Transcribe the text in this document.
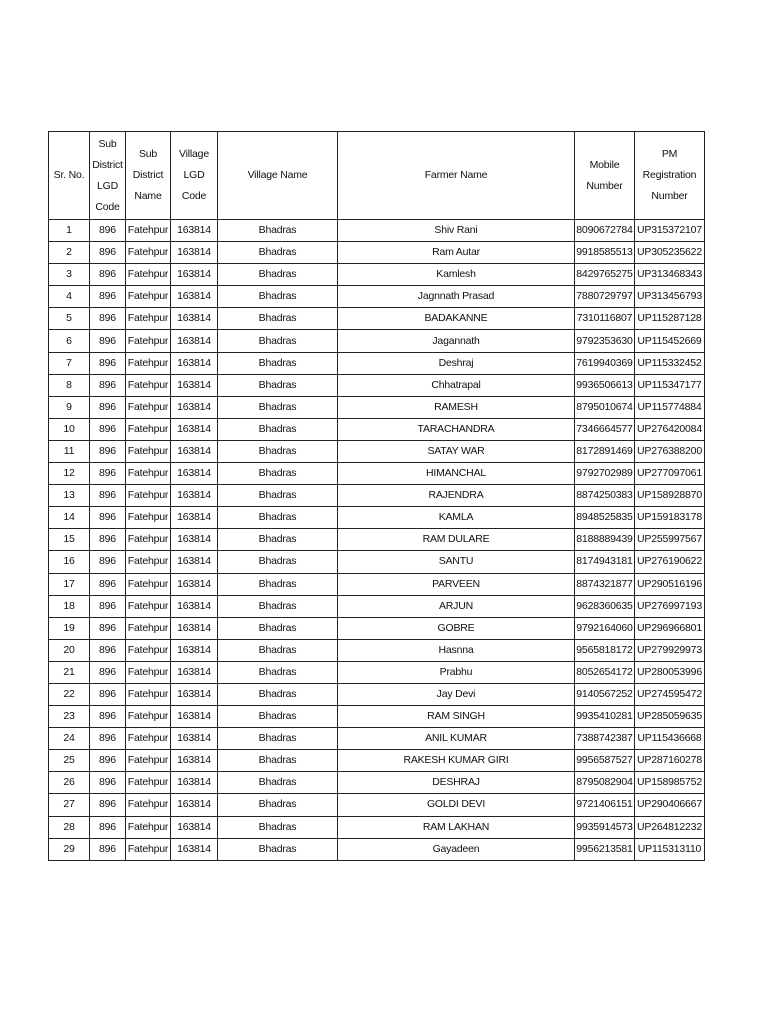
Sr. No.	Sub District LGD Code	Sub District Name	Village LGD Code	Village Name	Farmer Name	Mobile Number	PM Registration Number
1	896	Fatehpur	163814	Bhadras	Shiv Rani	8090672784	UP315372107
2	896	Fatehpur	163814	Bhadras	Ram Autar	9918585513	UP305235622
3	896	Fatehpur	163814	Bhadras	Kamlesh	8429765275	UP313468343
4	896	Fatehpur	163814	Bhadras	Jagnnath Prasad	7880729797	UP313456793
5	896	Fatehpur	163814	Bhadras	BADAKANNE	7310116807	UP115287128
6	896	Fatehpur	163814	Bhadras	Jagannath	9792353630	UP115452669
7	896	Fatehpur	163814	Bhadras	Deshraj	7619940369	UP115332452
8	896	Fatehpur	163814	Bhadras	Chhatrapal	9936506613	UP115347177
9	896	Fatehpur	163814	Bhadras	RAMESH	8795010674	UP115774884
10	896	Fatehpur	163814	Bhadras	TARACHANDRA	7346664577	UP276420084
11	896	Fatehpur	163814	Bhadras	SATAY WAR	8172891469	UP276388200
12	896	Fatehpur	163814	Bhadras	HIMANCHAL	9792702989	UP277097061
13	896	Fatehpur	163814	Bhadras	RAJENDRA	8874250383	UP158928870
14	896	Fatehpur	163814	Bhadras	KAMLA	8948525835	UP159183178
15	896	Fatehpur	163814	Bhadras	RAM DULARE	8188889439	UP255997567
16	896	Fatehpur	163814	Bhadras	SANTU	8174943181	UP276190622
17	896	Fatehpur	163814	Bhadras	PARVEEN	8874321877	UP290516196
18	896	Fatehpur	163814	Bhadras	ARJUN	9628360635	UP276997193
19	896	Fatehpur	163814	Bhadras	GOBRE	9792164060	UP296966801
20	896	Fatehpur	163814	Bhadras	Hasnna	9565818172	UP279929973
21	896	Fatehpur	163814	Bhadras	Prabhu	8052654172	UP280053996
22	896	Fatehpur	163814	Bhadras	Jay Devi	9140567252	UP274595472
23	896	Fatehpur	163814	Bhadras	RAM SINGH	9935410281	UP285059635
24	896	Fatehpur	163814	Bhadras	ANIL KUMAR	7388742387	UP115436668
25	896	Fatehpur	163814	Bhadras	RAKESH KUMAR GIRI	9956587527	UP287160278
26	896	Fatehpur	163814	Bhadras	DESHRAJ	8795082904	UP158985752
27	896	Fatehpur	163814	Bhadras	GOLDI DEVI	9721406151	UP290406667
28	896	Fatehpur	163814	Bhadras	RAM LAKHAN	9935914573	UP264812232
29	896	Fatehpur	163814	Bhadras	Gayadeen	9956213581	UP115313110
